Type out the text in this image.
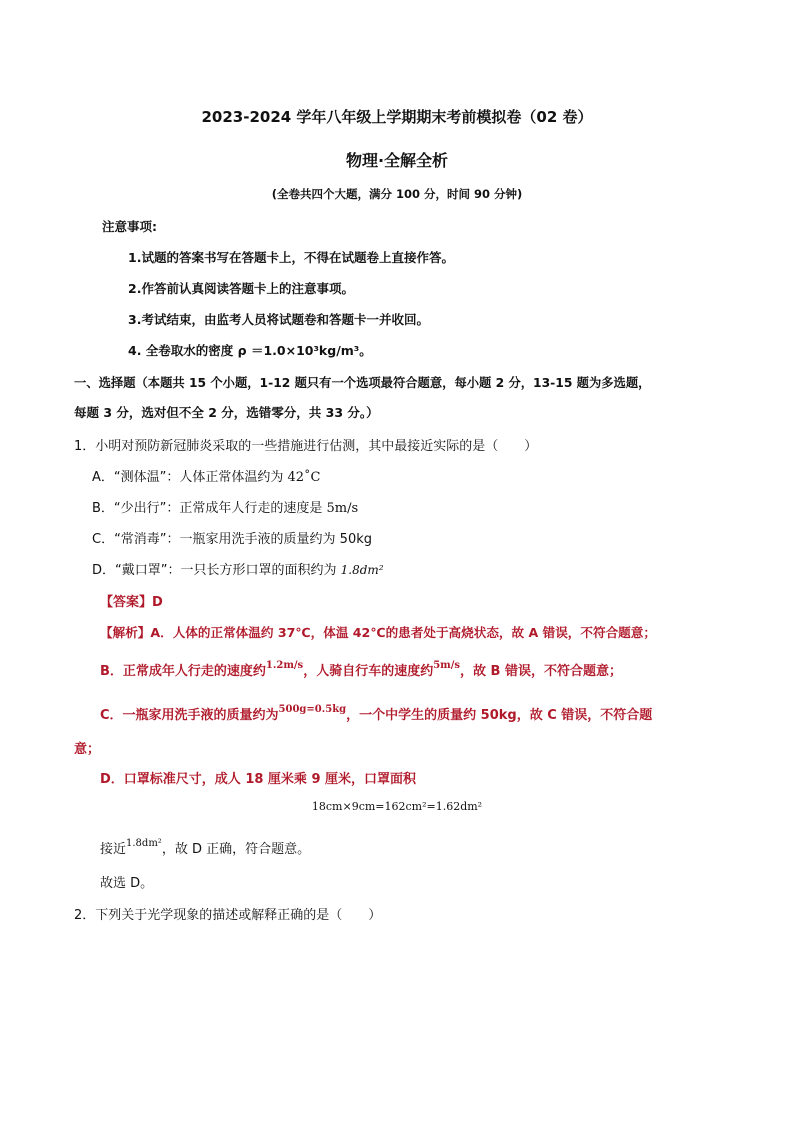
2023-2024 学年八年级上学期期末考前模拟卷（02 卷）
物理·全解全析
(全卷共四个大题，满分 100 分，时间 90 分钟)
注意事项:
1.试题的答案书写在答题卡上，不得在试题卷上直接作答。
2.作答前认真阅读答题卡上的注意事项。
3.考试结束，由监考人员将试题卷和答题卡一并收回。
4. 全卷取水的密度 ρ ＝1.0×10³kg/m³。
一、选择题（本题共 15 个小题，1-12 题只有一个选项最符合题意，每小题 2 分，13-15 题为多选题，
每题 3 分，选对但不全 2 分，选错零分，共 33 分。）
1．小明对预防新冠肺炎采取的一些措施进行估测，其中最接近实际的是（　　）
A．“测体温”：人体正常体温约为 42˚C
B．“少出行”：正常成年人行走的速度是 5m/s
C．“常消毒”：一瓶家用洗手液的质量约为 50kg
D．“戴口罩”：一只长方形口罩的面积约为 1.8dm²
【答案】D
【解析】A．人体的正常体温约 37℃，体温 42℃的患者处于高烧状态，故 A 错误，不符合题意；
B．正常成年人行走的速度约$^{1.2m/s}$，人骑自行车的速度约$^{5m/s}$，故 B 错误，不符合题意；
C．一瓶家用洗手液的质量约为$^{500g=0.5kg}$，一个中学生的质量约 50kg，故 C 错误，不符合题
意；
D．口罩标准尺寸，成人 18 厘米乘 9 厘米，口罩面积
18cm×9cm=162cm²=1.62dm²
接近$^{1.8dm^2}$，故 D 正确，符合题意。
故选 D。
2．下列关于光学现象的描述或解释正确的是（　　）
